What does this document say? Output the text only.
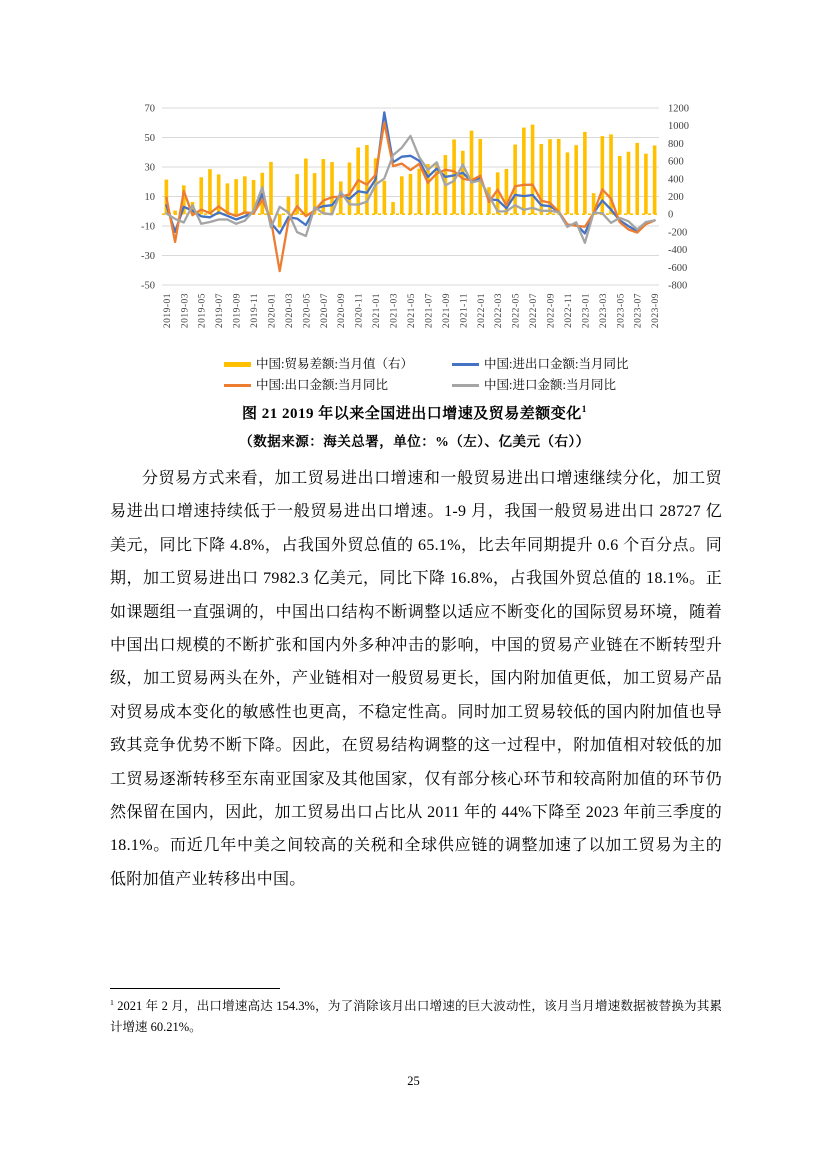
70
50
30
10
-10
-30
-50
1200
1000
800
600
400
200
0
-200
-400
-600
-800
2019-01 2019-03 2019-05 2019-07 2019-09 2019-11 2020-01 2020-03 2020-05 2020-07 2020-09 2020-11 2021-01 2021-03 2021-05 2021-07 2021-09 2021-11 2022-01 2022-03 2022-05 2022-07 2022-09 2022-11 2023-01 2023-03 2023-05 2023-07 2023-09
中国:贸易差额:当月值（右）	中国:进出口金额:当月同比
中国:出口金额:当月同比	中国:进口金额:当月同比
图 21 2019 年以来全国进出口增速及贸易差额变化$^1$
（数据来源：海关总署，单位：%（左）、亿美元（右））

分贸易方式来看，加工贸易进出口增速和一般贸易进出口增速继续分化，加工贸易进出口增速持续低于一般贸易进出口增速。1-9 月，我国一般贸易进出口 28727 亿美元，同比下降 4.8%，占我国外贸总值的 65.1%，比去年同期提升 0.6 个百分点。同期，加工贸易进出口 7982.3 亿美元，同比下降 16.8%，占我国外贸总值的 18.1%。正如课题组一直强调的，中国出口结构不断调整以适应不断变化的国际贸易环境，随着中国出口规模的不断扩张和国内外多种冲击的影响，中国的贸易产业链在不断转型升级，加工贸易两头在外，产业链相对一般贸易更长，国内附加值更低，加工贸易产品对贸易成本变化的敏感性也更高，不稳定性高。同时加工贸易较低的国内附加值也导致其竞争优势不断下降。因此，在贸易结构调整的这一过程中，附加值相对较低的加工贸易逐渐转移至东南亚国家及其他国家，仅有部分核心环节和较高附加值的环节仍然保留在国内，因此，加工贸易出口占比从 2011 年的 44%下降至 2023 年前三季度的 18.1%。而近几年中美之间较高的关税和全球供应链的调整加速了以加工贸易为主的低附加值产业转移出中国。

$^1$ 2021 年 2 月，出口增速高达 154.3%，为了消除该月出口增速的巨大波动性，该月当月增速数据被替换为其累计增速 60.21%。

25
